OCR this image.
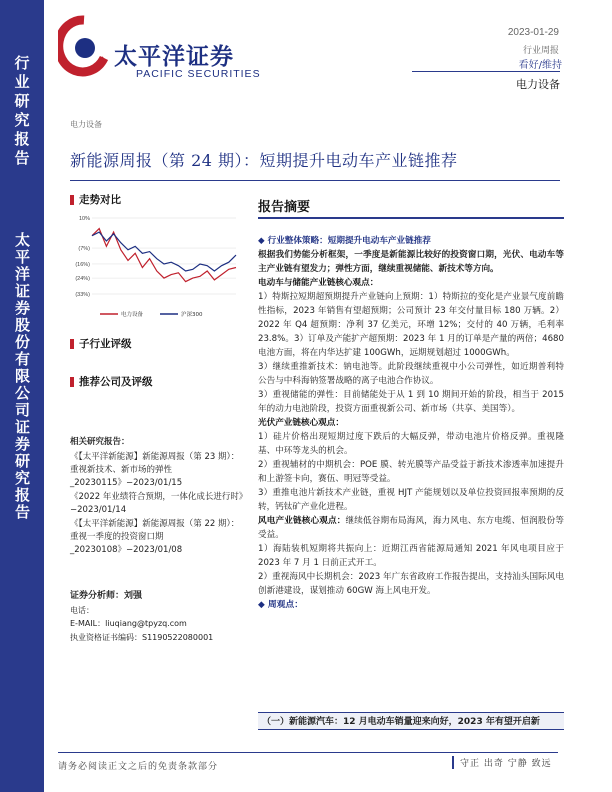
行业研究报告
太平洋证券股份有限公司证券研究报告
太平洋证券
PACIFIC SECURITIES
2023-01-29
行业周报
看好/维持
电力设备
电力设备
新能源周报（第 24 期）：短期提升电动车产业链推荐
走势对比
10%
(7%)
(16%)
(24%)
(33%)
电力设备	沪深300
子行业评级
推荐公司及评级
相关研究报告：

《【太平洋新能源】新能源周报（第 23 期）：重视新技术、新市场的弹性_20230115》−2023/01/15

《2022 年业绩符合预期，一体化成长进行时》−2023/01/14

《【太平洋新能源】新能源周报（第 22 期）：重视一季度的投资窗口期_20230108》−2023/01/08

证券分析师：刘强
电话：
E-MAIL：liuqiang@tpyzq.com
执业资格证书编码：S1190522080001
报告摘要

◆ 行业整体策略：短期提升电动车产业链推荐

根据我们势能分析框架，一季度是新能源比较好的投资窗口期，光伏、电动车等主产业链有望发力；弹性方面，继续重视储能、新技术等方向。

电动车与储能产业链核心观点：

1）特斯拉短期超预期提升产业链向上预期：1）特斯拉的变化是产业景气度前瞻性指标，2023 年销售有望超预期；公司预计 23 年交付量目标 180 万辆。2）2022 年 Q4 超预期：净利 37 亿美元，环增 12%；交付的 40 万辆，毛利率 23.8%。3）订单及产能扩产超预期：2023 年 1 月的订单是产量的两倍；4680 电池方面，将在内华达扩建 100GWh，远期规划超过 1000GWh。

3）继续重推新技术：钠电池等。此阶段继续重视中小公司弹性，如近期普利特公告与中科海钠签署战略的离子电池合作协议。

3）重视储能的弹性：目前储能处于从 1 到 10 期间开始的阶段，相当于 2015 年的动力电池阶段，投资方面重视新公司、新市场（共享、美国等）。

光伏产业链核心观点：

1）硅片价格出现短期过度下跌后的大幅反弹，带动电池片价格反弹。重视隆基、中环等龙头的机会。

2）重视辅材的中期机会：POE 膜、转光膜等产品受益于新技术渗透率加速提升和上游签卡向，赛伍、明冠等受益。

3）重推电池片新技术产业链，重视 HJT 产能规划以及单位投资回报率预期的反转，钙钛矿产业化进程。

风电产业链核心观点：继续低谷期布局海风，海力风电、东方电缆、恒润股份等受益。

1）海陆装机短期将共振向上：近期江西省能源局通知 2021 年风电项目应于 2023 年 7 月 1 日前正式开工。

2）重视海风中长期机会：2023 年广东省政府工作报告提出，支持汕头国际风电创新港建设，谋划推动 60GW 海上风电开发。

◆ 周观点：

（一）新能源汽车：12 月电动车销量迎来向好，2023 年有望开启新
请务必阅读正文之后的免责条款部分	守正 出奇 宁静 致远
